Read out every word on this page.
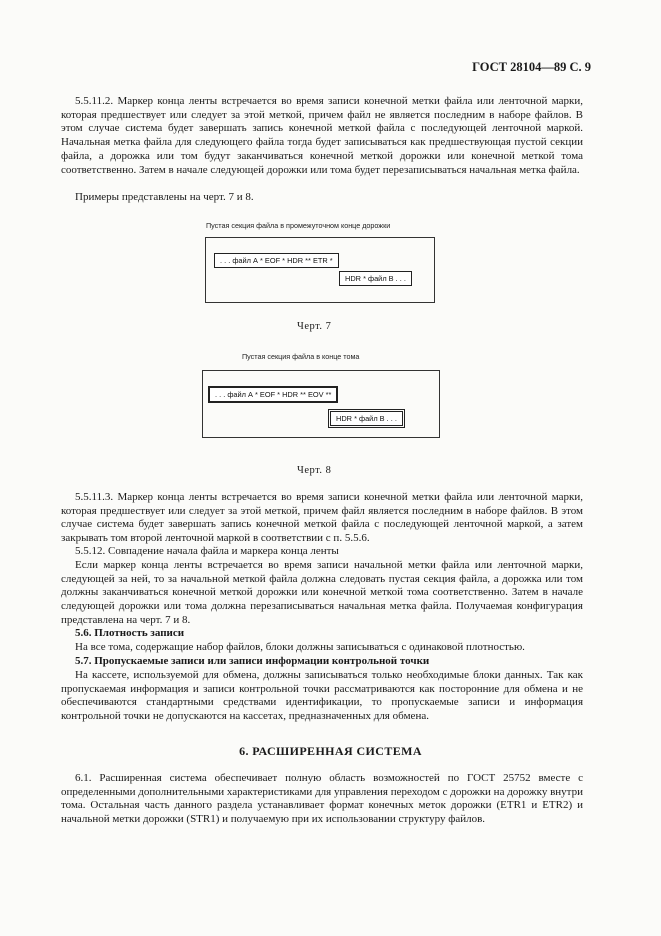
ГОСТ 28104—89 С. 9

5.5.11.2. Маркер конца ленты встречается во время записи конечной метки файла или ленточной марки, которая предшествует или следует за этой меткой, причем файл не является последним в наборе файлов. В этом случае система будет завершать запись конечной меткой файла с последующей ленточной маркой. Начальная метка файла для следующего файла тогда будет записываться как предшествующая пустой секции файла, а дорожка или том будут заканчиваться конечной меткой дорожки или конечной меткой тома соответственно. Затем в начале следующей дорожки или тома будет перезаписываться начальная метка файла.

Примеры представлены на черт. 7 и 8.

Пустая секция файла в промежуточном конце дорожки
. . . файл А * EOF * HDR ** ETR *
HDR * файл В . . .
Черт. 7
Пустая секция файла в конце тома
. . . файл А * EOF * HDR ** EOV **
HDR * файл В . . .
Черт. 8

5.5.11.3. Маркер конца ленты встречается во время записи конечной метки файла или ленточной марки, которая предшествует или следует за этой меткой, причем файл является последним в наборе файлов. В этом случае система будет завершать запись конечной меткой файла с последующей ленточной маркой, а затем закрывать том второй ленточной маркой в соответствии с п. 5.5.6.

5.5.12. Совпадение начала файла и маркера конца ленты

Если маркер конца ленты встречается во время записи начальной метки файла или ленточной марки, следующей за ней, то за начальной меткой файла должна следовать пустая секция файла, а дорожка или том должны заканчиваться конечной меткой дорожки или конечной меткой тома соответственно. Затем в начале следующей дорожки или тома должна перезаписываться начальная метка файла. Получаемая конфигурация представлена на черт. 7 и 8.

5.6. Плотность записи

На все тома, содержащие набор файлов, блоки должны записываться с одинаковой плотностью.

5.7. Пропускаемые записи или записи информации контрольной точки

На кассете, используемой для обмена, должны записываться только необходимые блоки данных. Так как пропускаемая информация и записи контрольной точки рассматриваются как посторонние для обмена и не обеспечиваются стандартными средствами идентификации, то пропускаемые записи и информация контрольной точки не допускаются на кассетах, предназначенных для обмена.

6. РАСШИРЕННАЯ СИСТЕМА

6.1. Расширенная система обеспечивает полную область возможностей по ГОСТ 25752 вместе с определенными дополнительными характеристиками для управления переходом с дорожки на дорожку внутри тома. Остальная часть данного раздела устанавливает формат конечных меток дорожки (ETR1 и ETR2) и начальной метки дорожки (STR1) и получаемую при их использовании структуру файлов.
